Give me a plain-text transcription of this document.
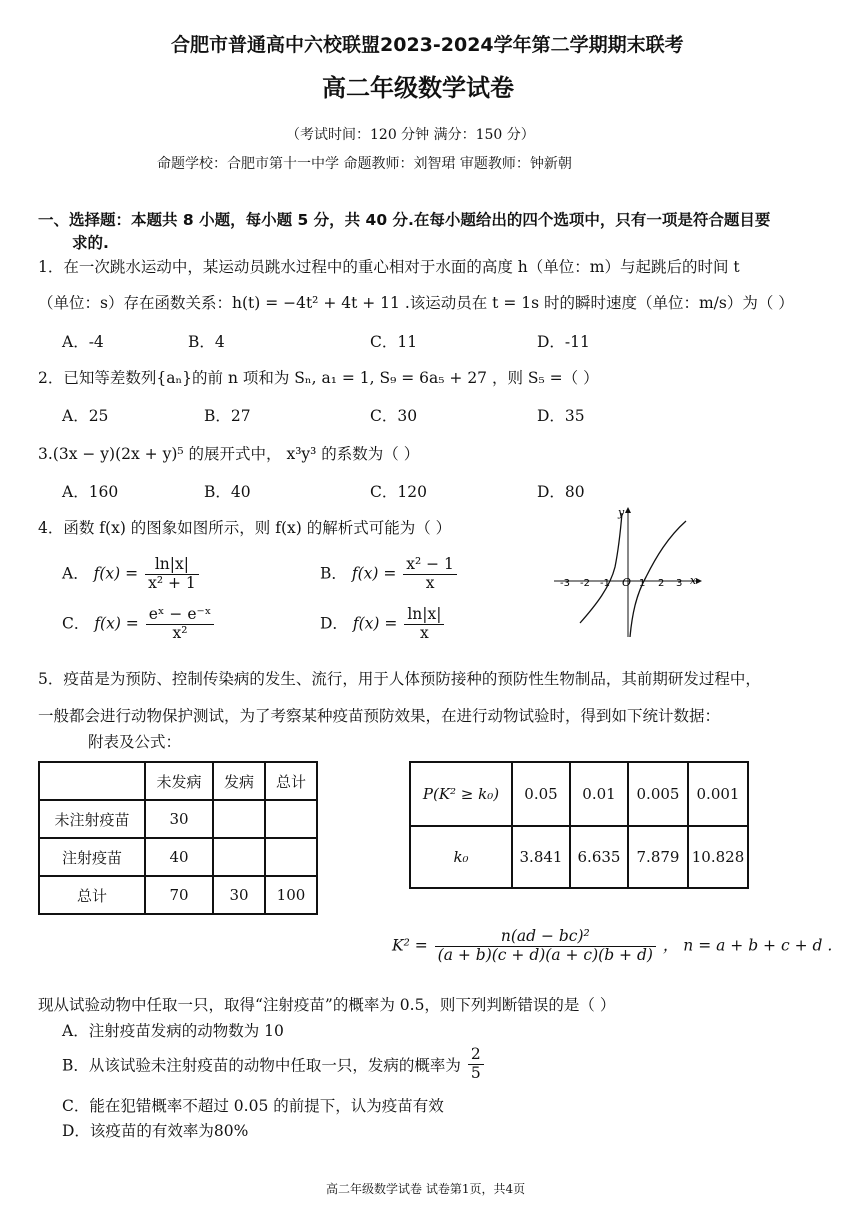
合肥市普通高中六校联盟2023-2024学年第二学期期末联考
高二年级数学试卷
（考试时间：120 分钟 满分：150 分）
命题学校：合肥市第十一中学 命题教师：刘智珺 审题教师：钟新朝
一、选择题：本题共 8 小题，每小题 5 分，共 40 分.在每小题给出的四个选项中，只有一项是符合题目要
求的.
1．在一次跳水运动中，某运动员跳水过程中的重心相对于水面的高度 h（单位：m）与起跳后的时间 t
（单位：s）存在函数关系：h(t) = −4t² + 4t + 11 .该运动员在 t = 1s 时的瞬时速度（单位：m/s）为（ ）
A．-4	B．4	C．11	D．-11
2．已知等差数列{aₙ}的前 n 项和为 Sₙ, a₁ = 1, S₉ = 6a₅ + 27 ，则 S₅ =（ ）
A．25	B．27	C．30	D．35
3.(3x − y)(2x + y)⁵ 的展开式中， x³y³ 的系数为（ ）
A．160	B．40	C．120	D．80
4．函数 f(x) 的图象如图所示，则 f(x) 的解析式可能为（ ）
A． $f(x) = \frac{\ln|x|}{\text{x² + 1}}$	B． $f(x) = \frac{\text{x² − 1}}{x}$
C． $f(x) = \frac{\text{eˣ − e⁻ˣ}}{\text{x²}}$	D． $f(x) = \frac{\ln|x|}{x}$
y
x
O
-3 -2 -1	1 2 3
5．疫苗是为预防、控制传染病的发生、流行，用于人体预防接种的预防性生物制品，其前期研发过程中，
一般都会进行动物保护测试，为了考察某种疫苗预防效果，在进行动物试验时，得到如下统计数据：
附表及公式：
	未发病	发病	总计
未注射疫苗	30		
注射疫苗	40		
总计	70	30	100
P(K² ≥ k₀)	0.05	0.01	0.005	0.001
k₀	3.841	6.635	7.879	10.828
$K^2 = \frac{\text{n(ad − bc)²}}{(a + b)(c + d)(a + c)(b + d)}$ ， n = a + b + c + d .
现从试验动物中任取一只，取得“注射疫苗”的概率为 0.5，则下列判断错误的是（ ）
A．注射疫苗发病的动物数为 10
B．从该试验未注射疫苗的动物中任取一只，发病的概率为 $\frac{2}{5}$
C．能在犯错概率不超过 0.05 的前提下，认为疫苗有效
D．该疫苗的有效率为80%
高二年级数学试卷 试卷第1页，共4页
